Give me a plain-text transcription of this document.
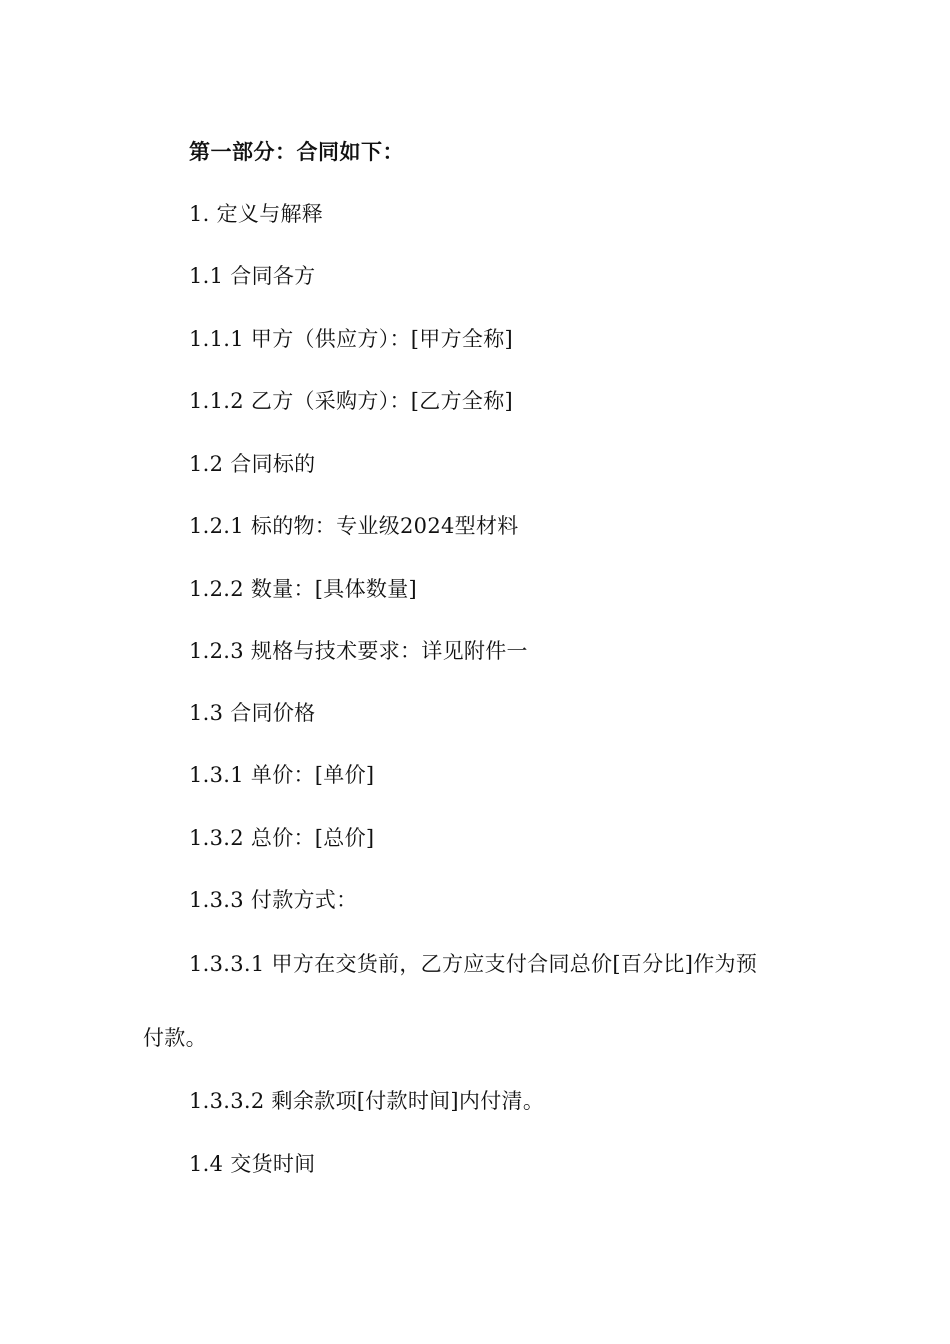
第一部分：合同如下：
1. 定义与解释
1.1 合同各方
1.1.1 甲方（供应方）：[甲方全称]
1.1.2 乙方（采购方）：[乙方全称]
1.2 合同标的
1.2.1 标的物：专业级2024型材料
1.2.2 数量：[具体数量]
1.2.3 规格与技术要求：详见附件一
1.3 合同价格
1.3.1 单价：[单价]
1.3.2 总价：[总价]
1.3.3 付款方式：
1.3.3.1 甲方在交货前，乙方应支付合同总价[百分比]作为预
付款。
1.3.3.2 剩余款项[付款时间]内付清。
1.4 交货时间
